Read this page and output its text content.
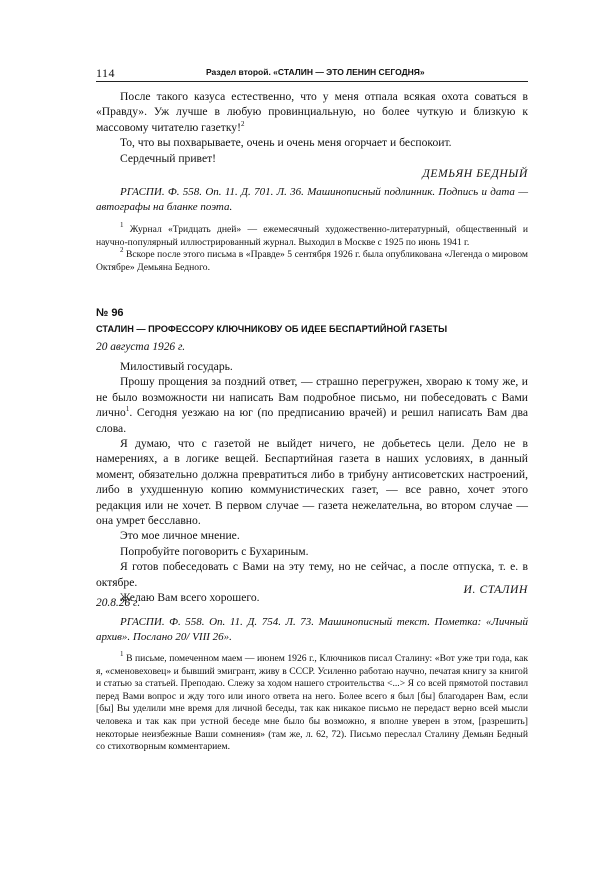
114	Раздел второй. «СТАЛИН — ЭТО ЛЕНИН СЕГОДНЯ»

После такого казуса естественно, что у меня отпала всякая охота соваться в «Правду». Уж лучше в любую провинциальную, но более чуткую и близкую к массовому читателю газетку!$^2$

То, что вы похварываете, очень и очень меня огорчает и беспокоит.

Сердечный привет!

ДЕМЬЯН БЕДНЫЙ

РГАСПИ. Ф. 558. Оп. 11. Д. 701. Л. 36. Машинописный подлинник. Подпись и дата — автографы на бланке поэта.

$^1$ Журнал «Тридцать дней» — ежемесячный художественно-литературный, общественный и научно-популярный иллюстрированный журнал. Выходил в Москве с 1925 по июнь 1941 г.

$^2$ Вскоре после этого письма в «Правде» 5 сентября 1926 г. была опубликована «Легенда о мировом Октябре» Демьяна Бедного.

№ 96
СТАЛИН — ПРОФЕССОРУ КЛЮЧНИКОВУ ОБ ИДЕЕ БЕСПАРТИЙНОЙ ГАЗЕТЫ
20 августа 1926 г.

Милостивый государь.

Прошу прощения за поздний ответ, — страшно перегружен, хвораю к тому же, и не было возможности ни написать Вам подробное письмо, ни побеседовать с Вами лично$^1$. Сегодня уезжаю на юг (по предписанию врачей) и решил написать Вам два слова.

Я думаю, что с газетой не выйдет ничего, не добьетесь цели. Дело не в намерениях, а в логике вещей. Беспартийная газета в наших условиях, в данный момент, обязательно должна превратиться либо в трибуну антисоветских настроений, либо в ухудшенную копию коммунистических газет, — все равно, хочет этого редакция или не хочет. В первом случае — газета нежелательна, во втором случае — она умрет бесславно.

Это мое личное мнение.

Попробуйте поговорить с Бухариным.

Я готов побеседовать с Вами на эту тему, но не сейчас, а после отпуска, т. е. в октябре.

Желаю Вам всего хорошего.

И. СТАЛИН
20.8.26 г.

РГАСПИ. Ф. 558. Оп. 11. Д. 754. Л. 73. Машинописный текст. Пометка: «Личный архив». Послано 20/ VIII 26».

$^1$ В письме, помеченном маем — июнем 1926 г., Ключников писал Сталину: «Вот уже три года, как я, «сменовеховец» и бывший эмигрант, живу в СССР. Усиленно работаю научно, печатая книгу за книгой и статью за статьей. Преподаю. Слежу за ходом нашего строительства <...> Я со всей прямотой поставил перед Вами вопрос и жду того или иного ответа на него. Более всего я был [бы] благодарен Вам, если [бы] Вы уделили мне время для личной беседы, так как никакое письмо не передаст верно всей мысли человека и так как при устной беседе мне было бы возможно, я вполне уверен в этом, [разрешить] некоторые неизбежные Ваши сомнения» (там же, л. 62, 72). Письмо переслал Сталину Демьян Бедный со стихотворным комментарием.
